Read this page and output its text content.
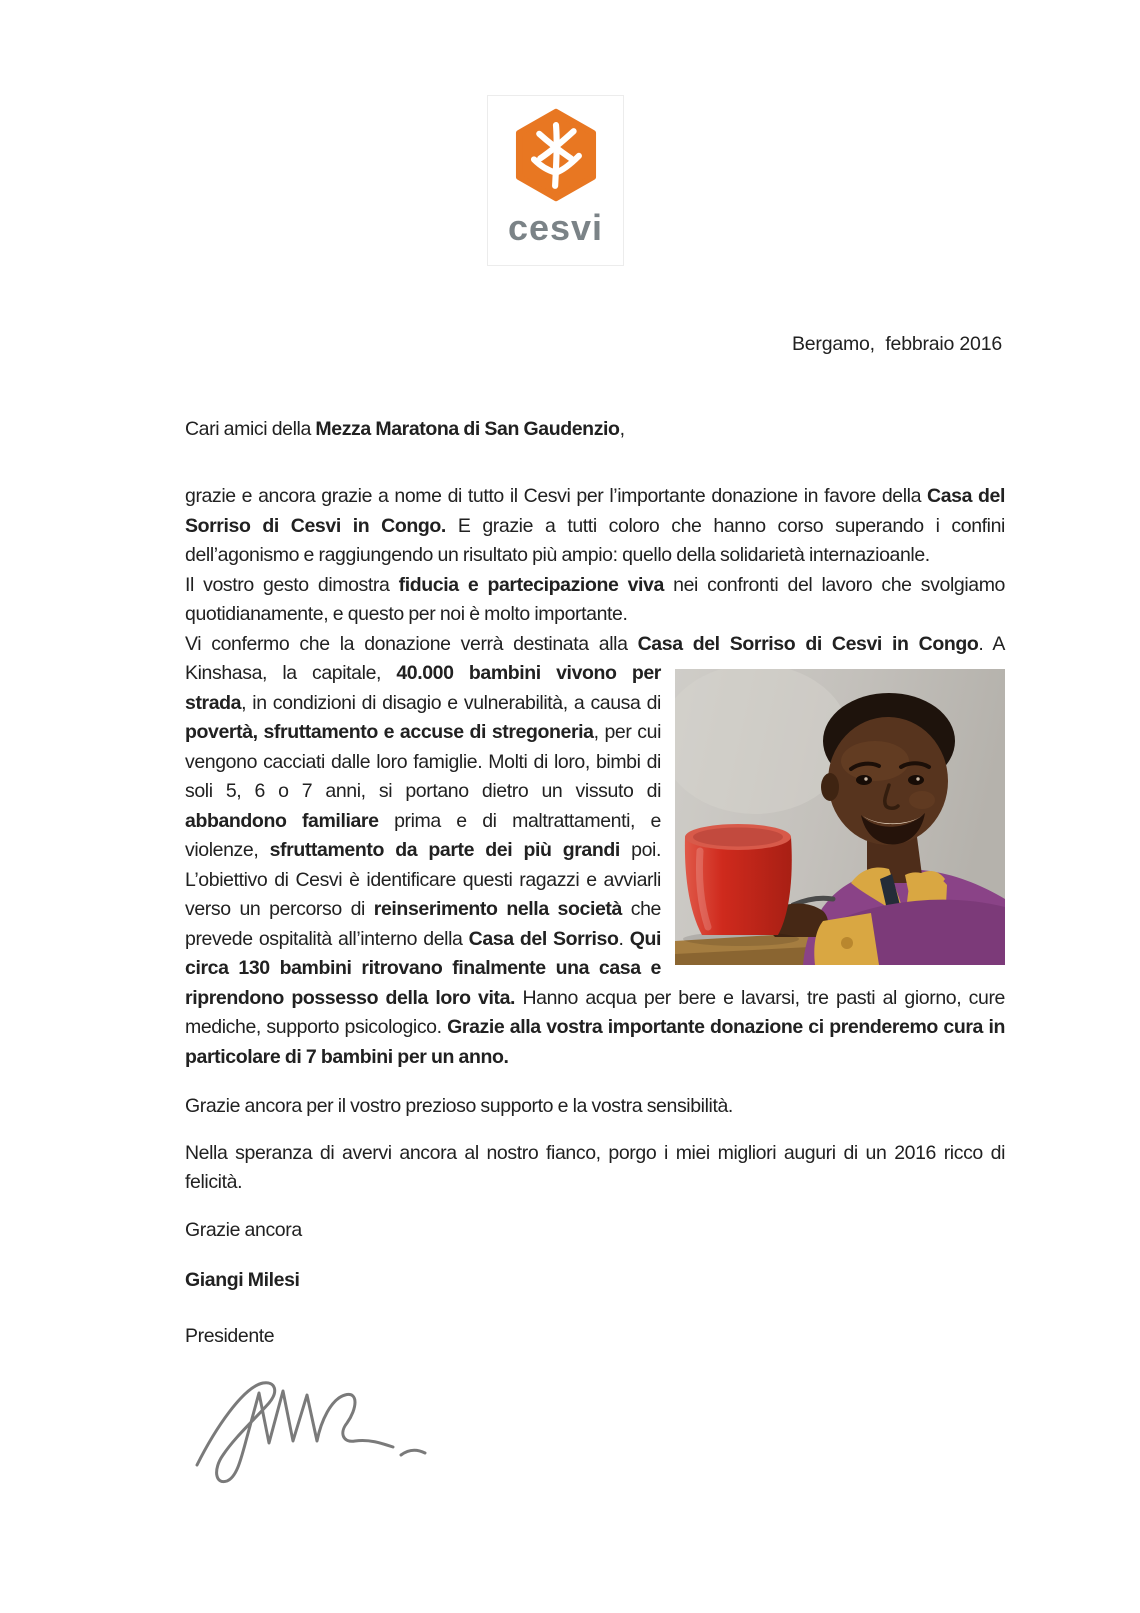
cesvi
Bergamo,  febbraio 2016

Cari amici della Mezza Maratona di San Gaudenzio,

grazie e ancora grazie a nome di tutto il Cesvi per l’importante donazione in favore della Casa del Sorriso di Cesvi in Congo. E grazie a tutti coloro che hanno corso superando i confini dell’agonismo e raggiungendo un risultato più ampio: quello della solidarietà internazioanle.

Il vostro gesto dimostra fiducia e partecipazione viva nei confronti del lavoro che svolgiamo quotidianamente, e questo per noi è molto importante.

Vi confermo che la donazione verrà destinata alla Casa del Sorriso di Cesvi in Congo. A Kinshasa,
la capitale, 40.000 bambini vivono per strada, in condizioni di disagio e vulnerabilità, a causa di povertà, sfruttamento e accuse di stregoneria, per cui vengono cacciati dalle loro famiglie. Molti di loro, bimbi di soli 5, 6 o 7 anni, si portano dietro un vissuto di abbandono familiare prima e di maltrattamenti, e violenze, sfruttamento da parte dei più grandi poi. L’obiettivo di Cesvi è identificare questi ragazzi e avviarli verso un percorso di reinserimento nella società che prevede ospitalità all’interno della Casa del Sorriso. Qui circa 130 bambini ritrovano finalmente una casa e riprendono possesso della loro vita. Hanno acqua per bere e lavarsi, tre pasti al giorno, cure mediche, supporto psicologico. Grazie alla vostra importante donazione ci prenderemo cura in particolare di 7 bambini per un anno.

Grazie ancora per il vostro prezioso supporto e la vostra sensibilità.

Nella speranza di avervi ancora al nostro fianco, porgo i miei migliori auguri di un 2016 ricco di felicità.

Grazie ancora

Giangi Milesi

Presidente
